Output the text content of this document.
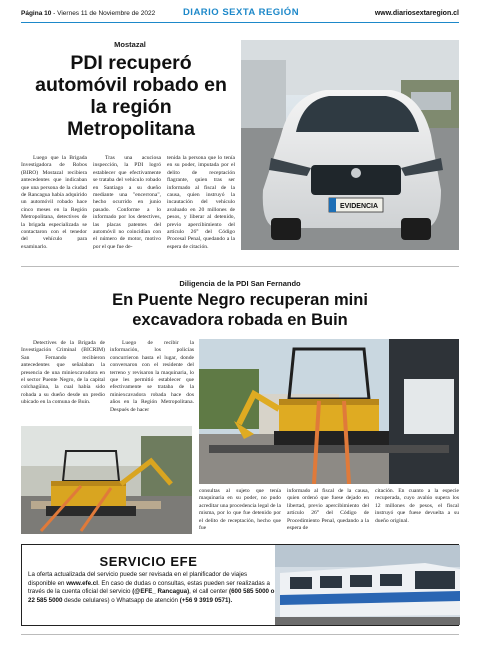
Página 10 - Viernes 11 de Noviembre de 2022	DIARIO SEXTA REGIÓN	www.diariosextaregion.cl
Mostazal
PDI recuperó automóvil robado en la región Metropolitana

Luego que la Brigada Investigadora de Robos (BIRO) Mostazal recibiera antecedentes que indicaban que una persona de la ciudad de Rancagua había adquirido un automóvil robado hace cinco meses en la Región Metropolitana, detectives de la brigada especializada se contactaron con el tenedor del vehículo para examinarlo.

Tras una acuciosa inspección, la PDI logró establecer que efectivamente se trataba del vehículo robado en Santiago a su dueño mediante una "encerrona", hecho ocurrido en junio pasado. Conforme a lo informado por los detectives, las placas patentes del automóvil no coincidían con el número de motor, motivo por el que fue de-

tenida la persona que lo tenía en su poder, imputada por el delito de receptación flagrante, quien tras ser informado al fiscal de la causa, quien instruyó la incautación del vehículo avaluado en 20 millones de pesos, y liberar al detenido, previo apercibimiento del artículo 26° del Código Procesal Penal, quedando a la espera de citación.

EVIDENCIA
Diligencia de la PDI San Fernando
En Puente Negro recuperan mini excavadora robada en Buin

Detectives de la Brigada de Investigación Criminal (BICRIM) San Fernando recibieron antecedentes que señalaban la presencia de una miniexcavadora en el sector Puente Negro, de la capital colchagüina, la cual había sido robada a su dueño desde un predio ubicado en la comuna de Buin.

Luego de recibir la información, los policías concurrieron hasta el lugar, donde conversaron con el residente del terreno y revisaron la maquinaria, lo que les permitió establecer que efectivamente se trataba de la miniexcavadora robada hace dos años en la Región Metropolitana. Después de hacer

consultas al sujeto que tenía maquinaria en su poder, no pudo acreditar una procedencia legal de la misma, por lo que fue detenido por el delito de receptación, hecho que fue

informado al fiscal de la causa, quien ordenó que fuese dejado en libertad, previo apercibimiento del artículo 26° del Código de Procedimiento Penal, quedando a la espera de

citación. En cuanto a la especie recuperada, cuyo avalúo supera los 12 millones de pesos, el fiscal instruyó que fuese devuelta a su dueño original.

SERVICIO EFE
La oferta actualizada del servicio puede ser revisada en el planificador de viajes disponible en www.efe.cl. En caso de dudas o consultas, estas pueden ser realizadas a través de la cuenta oficial del servicio (@EFE_ Rancagua), el call center (600 585 5000 o 22 585 5000 desde celulares) o Whatsapp de atención (+56 9 3919 0571).
